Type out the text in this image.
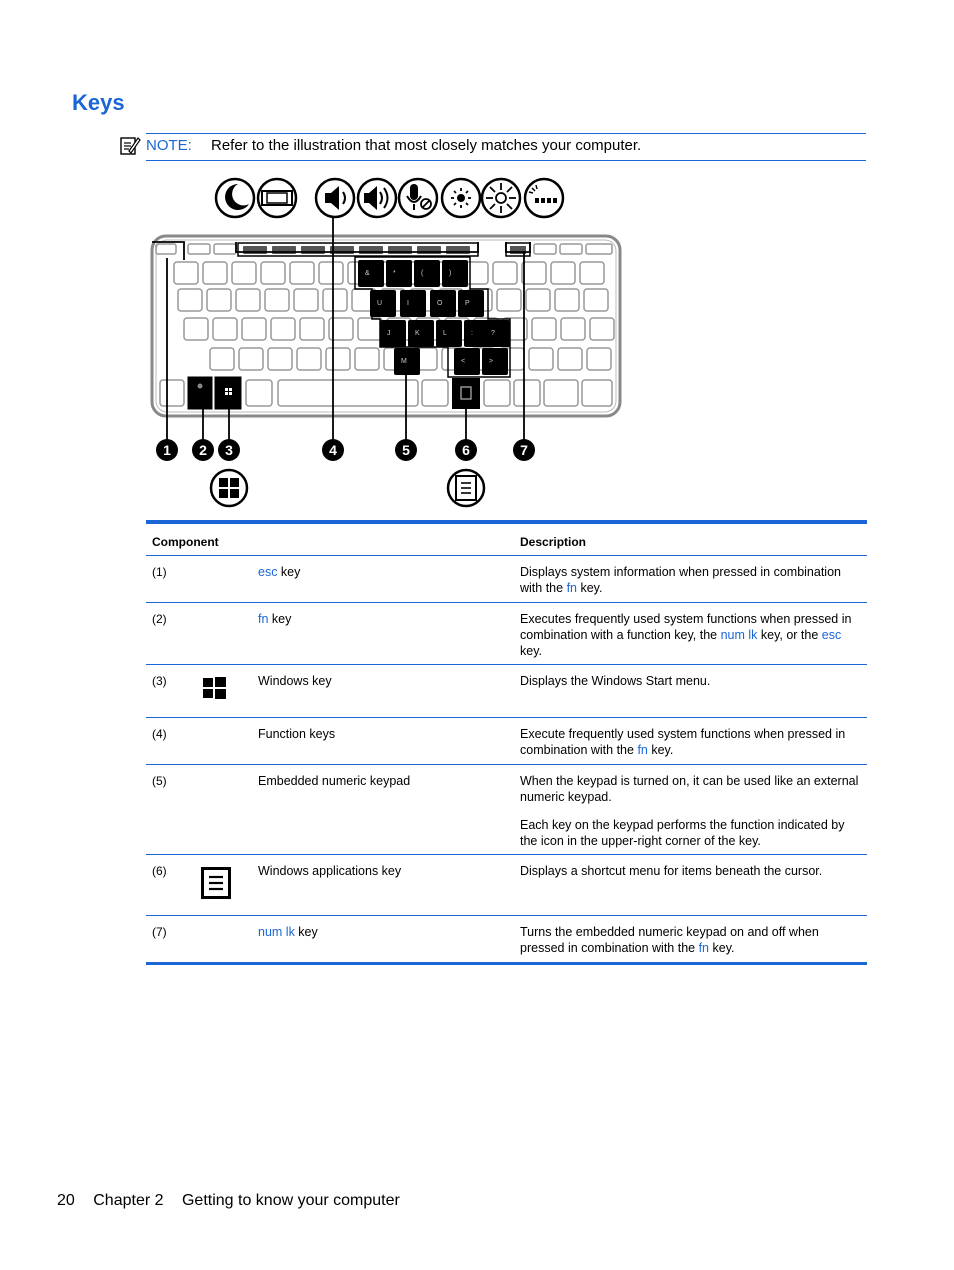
Keys
NOTE: Refer to the illustration that most closely matches your computer.
&	*	(	)
U	I	O	P
J	K	L	:
M	<	>
?
1 2 3	4	5	6	7
Component	Description
(1)	esc key	Displays system information when pressed in combination with the fn key.

(2)	fn key	Executes frequently used system functions when pressed in combination with a function key, the num lk key, or the esc key.

(3)	Windows key	Displays the Windows Start menu.

(4)	Function keys	Execute frequently used system functions when pressed in combination with the fn key.

(5)	Embedded numeric keypad	When the keypad is turned on, it can be used like an external numeric keypad.

Each key on the keypad performs the function indicated by the icon in the upper-right corner of the key.

(6)	Windows applications key	Displays a shortcut menu for items beneath the cursor.

(7)	num lk key	Turns the embedded numeric keypad on and off when pressed in combination with the fn key.

20 Chapter 2 Getting to know your computer
